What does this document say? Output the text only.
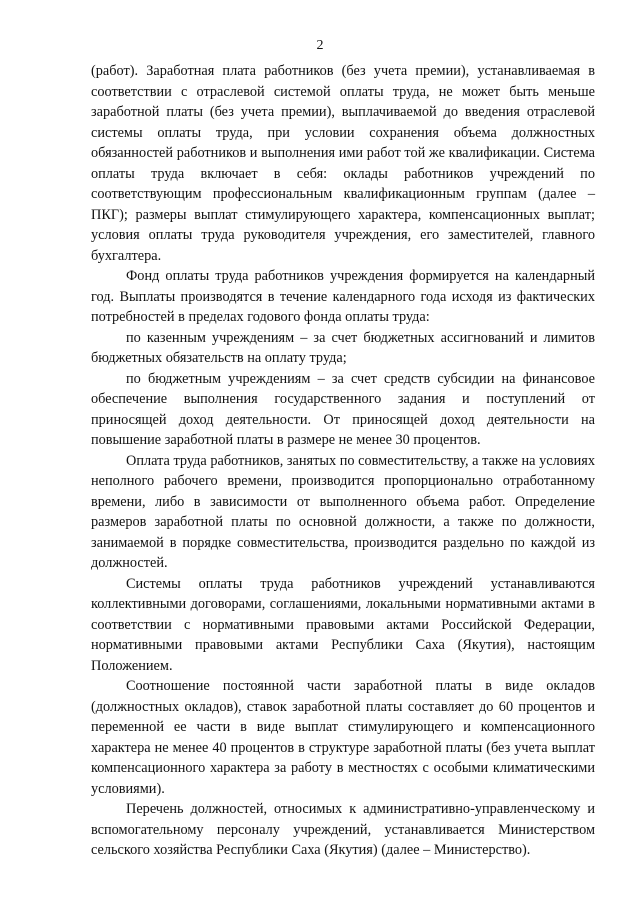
2

(работ). Заработная плата работников (без учета премии), устанавливаемая в соответствии с отраслевой системой оплаты труда, не может быть меньше заработной платы (без учета премии), выплачиваемой до введения отраслевой системы оплаты труда, при условии сохранения объема должностных обязанностей работников и выполнения ими работ той же квалификации. Система оплаты труда включает в себя: оклады работников учреждений по соответствующим профессиональным квалификационным группам (далее – ПКГ); размеры выплат стимулирующего характера, компенсационных выплат; условия оплаты труда руководителя учреждения, его заместителей, главного бухгалтера.

Фонд оплаты труда работников учреждения формируется на календарный год. Выплаты производятся в течение календарного года исходя из фактических потребностей в пределах годового фонда оплаты труда:

по казенным учреждениям – за счет бюджетных ассигнований и лимитов бюджетных обязательств на оплату труда;

по бюджетным учреждениям – за счет средств субсидии на финансовое обеспечение выполнения государственного задания и поступлений от приносящей доход деятельности. От приносящей доход деятельности на повышение заработной платы в размере не менее 30 процентов.

Оплата труда работников, занятых по совместительству, а также на условиях неполного рабочего времени, производится пропорционально отработанному времени, либо в зависимости от выполненного объема работ. Определение размеров заработной платы по основной должности, а также по должности, занимаемой в порядке совместительства, производится раздельно по каждой из должностей.

Системы оплаты труда работников учреждений устанавливаются коллективными договорами, соглашениями, локальными нормативными актами в соответствии с нормативными правовыми актами Российской Федерации, нормативными правовыми актами Республики Саха (Якутия), настоящим Положением.

Соотношение постоянной части заработной платы в виде окладов (должностных окладов), ставок заработной платы составляет до 60 процентов и переменной ее части в виде выплат стимулирующего и компенсационного характера не менее 40 процентов в структуре заработной платы (без учета выплат компенсационного характера за работу в местностях с особыми климатическими условиями).

Перечень должностей, относимых к административно-управленческому и вспомогательному персоналу учреждений, устанавливается Министерством сельского хозяйства Республики Саха (Якутия) (далее – Министерство).
